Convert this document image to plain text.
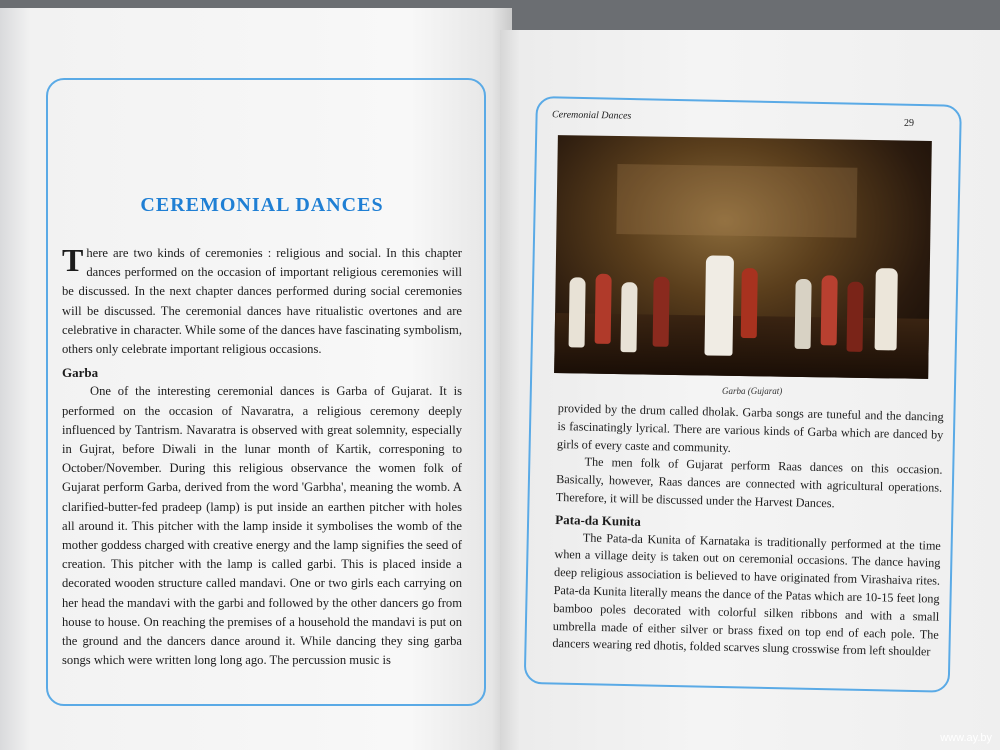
CEREMONIAL DANCES

There are two kinds of ceremonies : religious and social. In this chapter dances performed on the occasion of important religious ceremonies will be discussed. In the next chapter dances performed during social ceremonies will be discussed. The ceremonial dances have ritualistic overtones and are celebrative in character. While some of the dances have fascinating symbolism, others only celebrate important religious occasions.

Garba

One of the interesting ceremonial dances is Garba of Gujarat. It is performed on the occasion of Navaratra, a religious ceremony deeply influenced by Tantrism. Navaratra is observed with great solemnity, especially in Gujrat, before Diwali in the lunar month of Kartik, corresponing to October/November. During this religious observance the women folk of Gujarat perform Garba, derived from the word 'Garbha', meaning the womb. A clarified-butter-fed pradeep (lamp) is put inside an earthen pitcher with holes all around it. This pitcher with the lamp inside it symbolises the womb of the mother goddess charged with creative energy and the lamp signifies the seed of creation. This pitcher with the lamp is called garbi. This is placed inside a decorated wooden structure called mandavi. One or two girls each carrying on her head the mandavi with the garbi and followed by the other dancers go from house to house. On reaching the premises of a household the mandavi is put on the ground and the dancers dance around it. While dancing they sing garba songs which were written long long ago. The percussion music is

Ceremonial Dances
29
Garba (Gujarat)

provided by the drum called dholak. Garba songs are tuneful and the dancing is fascinatingly lyrical. There are various kinds of Garba which are danced by girls of every caste and community.

The men folk of Gujarat perform Raas dances on this occasion. Basically, however, Raas dances are connected with agricultural operations. Therefore, it will be discussed under the Harvest Dances.

Pata-da Kunita

The Pata-da Kunita of Karnataka is traditionally performed at the time when a village deity is taken out on ceremonial occasions. The dance having deep religious association is believed to have originated from Virashaiva rites. Pata-da Kunita literally means the dance of the Patas which are 10-15 feet long bamboo poles decorated with colorful silken ribbons and with a small umbrella made of either silver or brass fixed on top end of each pole. The dancers wearing red dhotis, folded scarves slung crosswise from left shoulder

www.ay.by
